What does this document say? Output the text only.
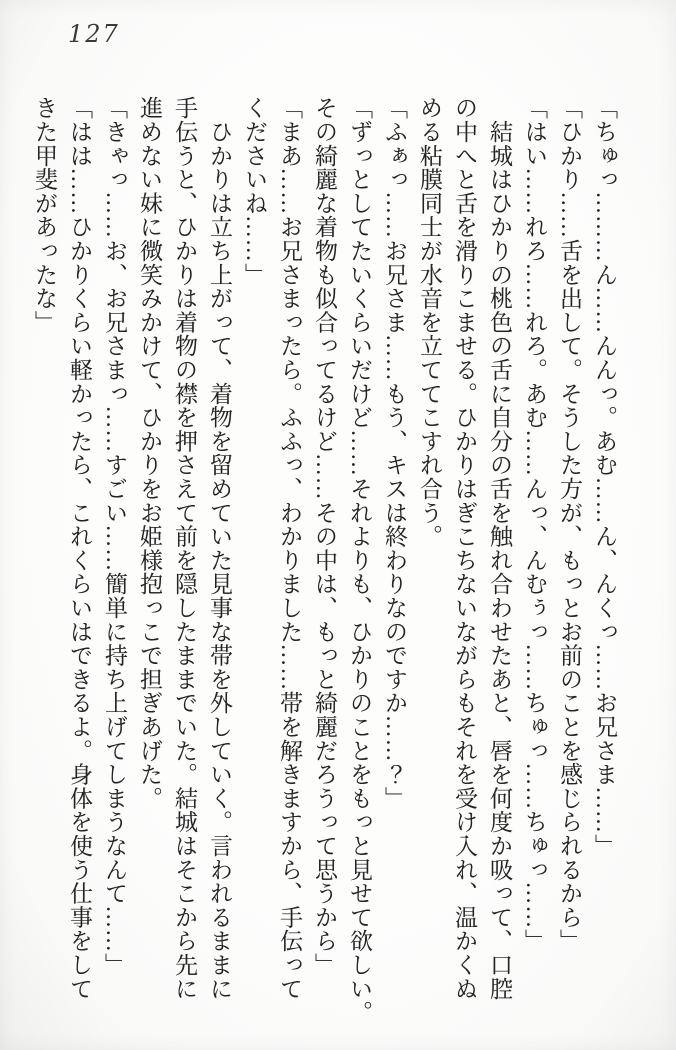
127

「ちゅっ………ん……んんっ。あむ……ん、んくっ……お兄さま……」

「ひかり……舌を出して。そうした方が、もっとお前のことを感じられるから」

「はい……れろ……れろ。あむ……んっ、んむぅっ……ちゅっ……ちゅっ……」

　結城はひかりの桃色の舌に自分の舌を触れ合わせたあと、唇を何度か吸って、口腔

の中へと舌を滑りこませる。ひかりはぎこちないながらもそれを受け入れ、温かくぬ

める粘膜同士が水音を立ててこすれ合う。

「ふぁっ……お兄さま……もう、キスは終わりなのですか……？」

「ずっとしてたいくらいだけど……それよりも、ひかりのことをもっと見せて欲しい。

その綺麗な着物も似合ってるけど……その中は、もっと綺麗だろうって思うから」

「まあ……お兄さまったら。ふふっ、わかりました……帯を解きますから、手伝って

くださいね……」

　ひかりは立ち上がって、着物を留めていた見事な帯を外していく。言われるままに

手伝うと、ひかりは着物の襟を押さえて前を隠したままでいた。結城はそこから先に

進めない妹に微笑みかけて、ひかりをお姫様抱っこで担ぎあげた。

「きゃっ……お、お兄さまっ……すごい……簡単に持ち上げてしまうなんて……」

「はは……ひかりくらい軽かったら、これくらいはできるよ。身体を使う仕事をして

きた甲斐があったな」
